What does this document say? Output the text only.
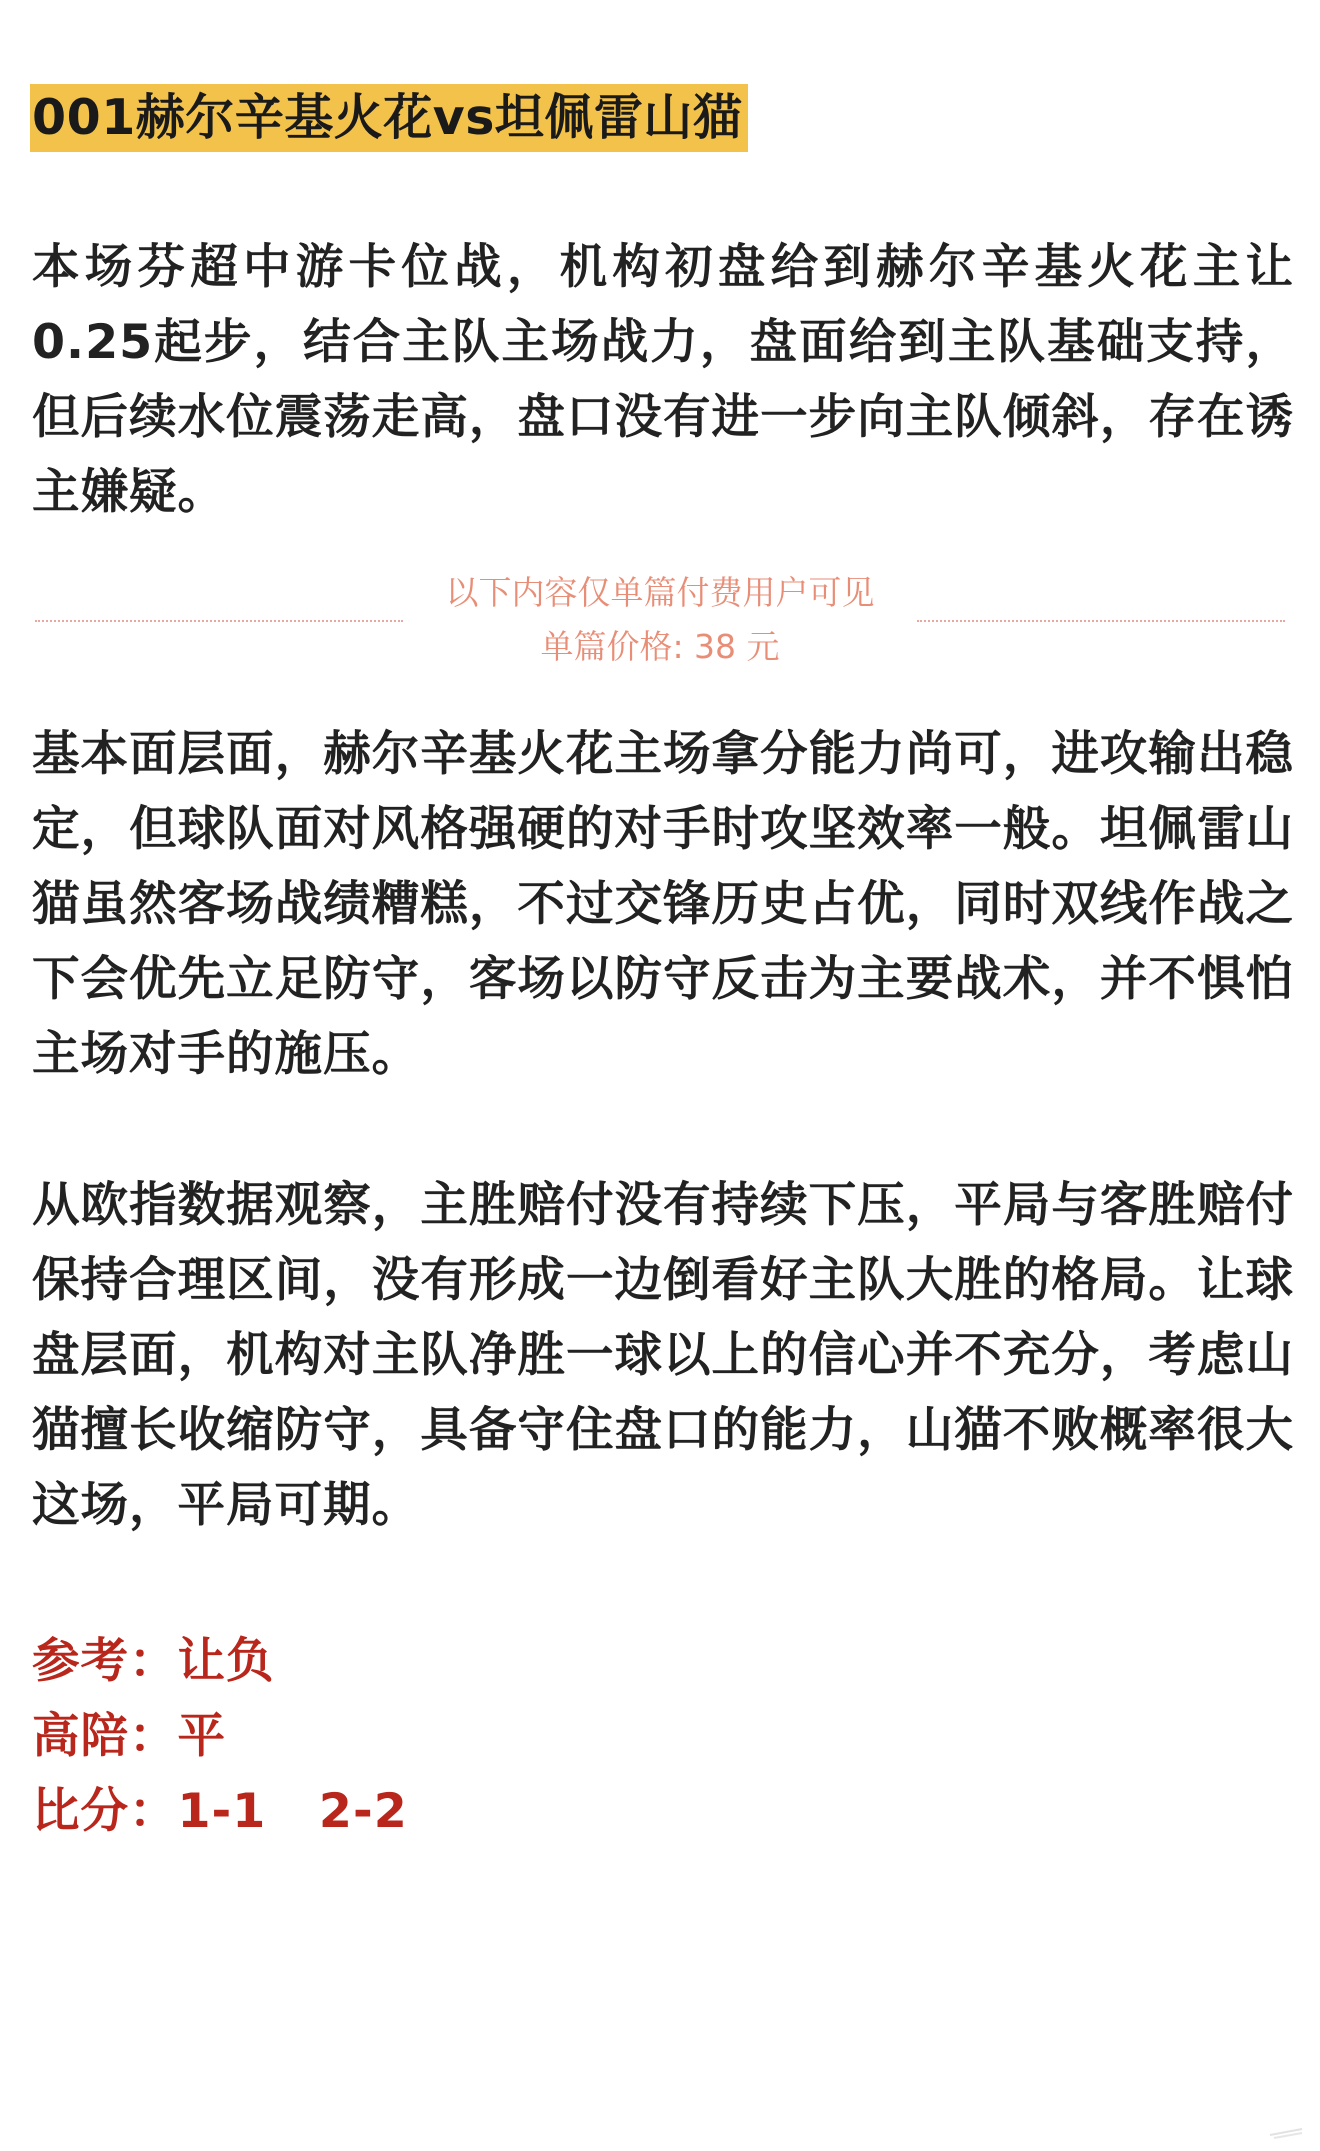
001赫尔辛基火花vs坦佩雷山猫

本场芬超中游卡位战，机构初盘给到赫尔辛基火花主让0.25起步，结合主队主场战力，盘面给到主队基础支持，但后续水位震荡走高，盘口没有进一步向主队倾斜，存在诱主嫌疑。

以下内容仅单篇付费用户可见
单篇价格: 38 元

基本面层面，赫尔辛基火花主场拿分能力尚可，进攻输出稳定，但球队面对风格强硬的对手时攻坚效率一般。坦佩雷山猫虽然客场战绩糟糕，不过交锋历史占优，同时双线作战之下会优先立足防守，客场以防守反击为主要战术，并不惧怕主场对手的施压。

从欧指数据观察，主胜赔付没有持续下压，平局与客胜赔付保持合理区间，没有形成一边倒看好主队大胜的格局。让球盘层面，机构对主队净胜一球以上的信心并不充分，考虑山猫擅长收缩防守，具备守住盘口的能力，山猫不败概率很大这场，平局可期。

参考：让负
高陪：平
比分：1-1   2-2
